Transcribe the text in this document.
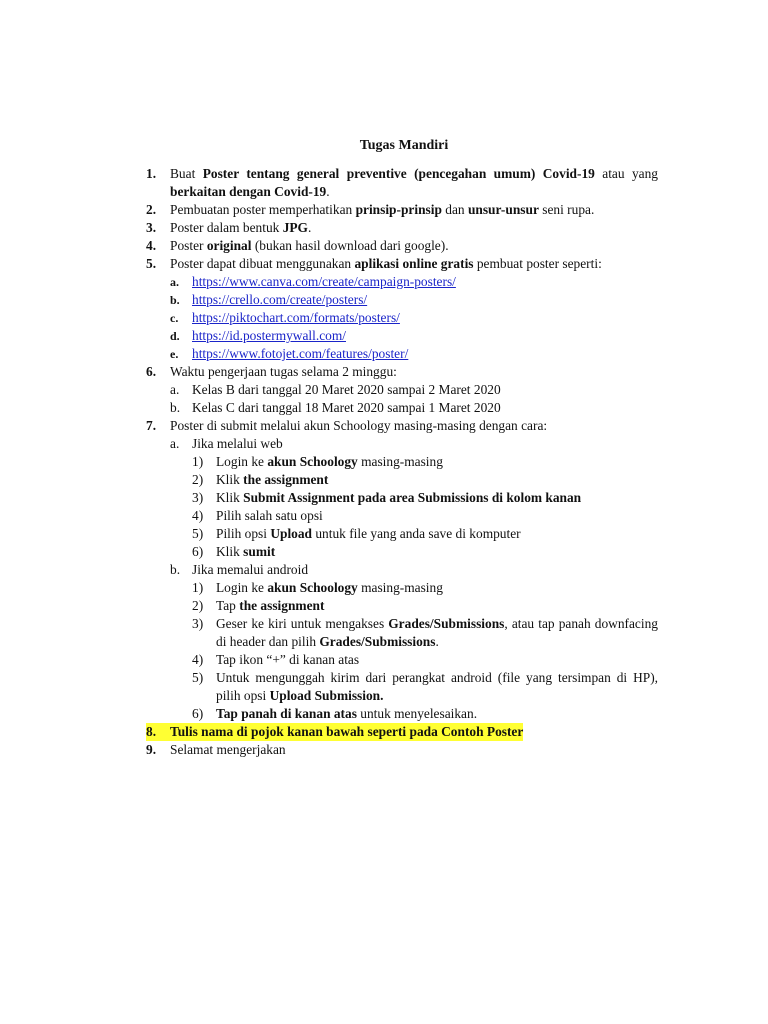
Tugas Mandiri
1. Buat Poster tentang general preventive (pencegahan umum) Covid-19 atau yang berkaitan dengan Covid-19.
2. Pembuatan poster memperhatikan prinsip-prinsip dan unsur-unsur seni rupa.
3. Poster dalam bentuk JPG.
4. Poster original (bukan hasil download dari google).
5. Poster dapat dibuat menggunakan aplikasi online gratis pembuat poster seperti:
a. https://www.canva.com/create/campaign-posters/
b. https://crello.com/create/posters/
c. https://piktochart.com/formats/posters/
d. https://id.postermywall.com/
e. https://www.fotojet.com/features/poster/
6. Waktu pengerjaan tugas selama 2 minggu:
a. Kelas B dari tanggal 20 Maret 2020 sampai 2 Maret 2020
b. Kelas C dari tanggal 18 Maret 2020 sampai 1 Maret 2020
7. Poster di submit melalui akun Schoology masing-masing dengan cara:
a. Jika melalui web
1) Login ke akun Schoology masing-masing
2) Klik the assignment
3) Klik Submit Assignment pada area Submissions di kolom kanan
4) Pilih salah satu opsi
5) Pilih opsi Upload untuk file yang anda save di komputer
6) Klik sumit
b. Jika memalui android
1) Login ke akun Schoology masing-masing
2) Tap the assignment
3) Geser ke kiri untuk mengakses Grades/Submissions, atau tap panah downfacing di header dan pilih Grades/Submissions.
4) Tap ikon “+” di kanan atas
5) Untuk mengunggah kirim dari perangkat android (file yang tersimpan di HP), pilih opsi Upload Submission.
6) Tap panah di kanan atas untuk menyelesaikan.
8. Tulis nama di pojok kanan bawah seperti pada Contoh Poster
9. Selamat mengerjakan
